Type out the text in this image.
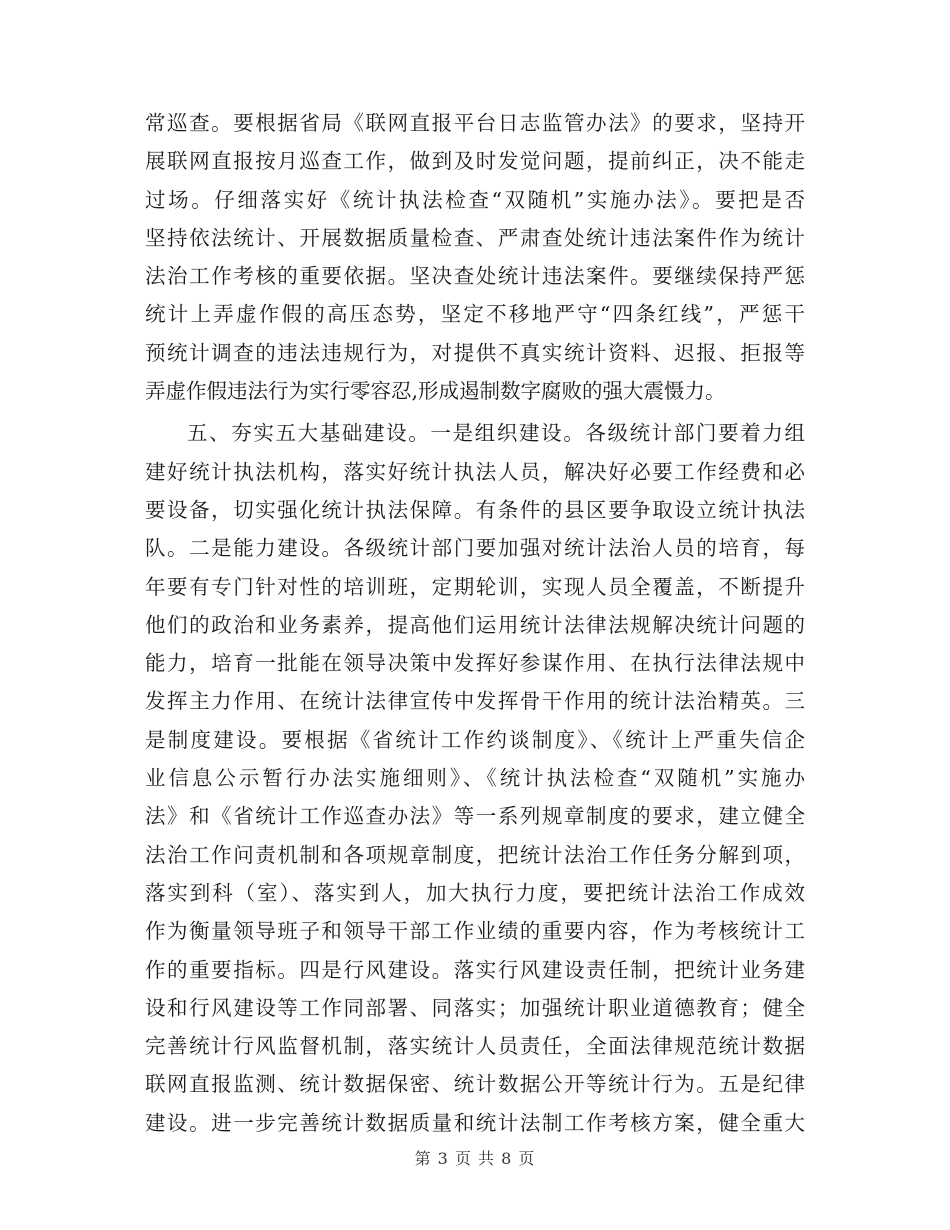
常巡查。要根据省局《联网直报平台日志监管办法》的要求，坚持开
展联网直报按月巡查工作，做到及时发觉问题，提前纠正，决不能走
过场。仔细落实好《统计执法检查“双随机”实施办法》。要把是否
坚持依法统计、开展数据质量检查、严肃查处统计违法案件作为统计
法治工作考核的重要依据。坚决查处统计违法案件。要继续保持严惩
统计上弄虚作假的高压态势，坚定不移地严守“四条红线”，严惩干
预统计调查的违法违规行为，对提供不真实统计资料、迟报、拒报等
弄虚作假违法行为实行零容忍,形成遏制数字腐败的强大震慑力。
五、夯实五大基础建设。一是组织建设。各级统计部门要着力组
建好统计执法机构，落实好统计执法人员，解决好必要工作经费和必
要设备，切实强化统计执法保障。有条件的县区要争取设立统计执法
队。二是能力建设。各级统计部门要加强对统计法治人员的培育，每
年要有专门针对性的培训班，定期轮训，实现人员全覆盖，不断提升
他们的政治和业务素养，提高他们运用统计法律法规解决统计问题的
能力，培育一批能在领导决策中发挥好参谋作用、在执行法律法规中
发挥主力作用、在统计法律宣传中发挥骨干作用的统计法治精英。三
是制度建设。要根据《省统计工作约谈制度》、《统计上严重失信企
业信息公示暂行办法实施细则》、《统计执法检查“双随机”实施办
法》和《省统计工作巡查办法》等一系列规章制度的要求，建立健全
法治工作问责机制和各项规章制度，把统计法治工作任务分解到项，
落实到科（室）、落实到人，加大执行力度，要把统计法治工作成效
作为衡量领导班子和领导干部工作业绩的重要内容，作为考核统计工
作的重要指标。四是行风建设。落实行风建设责任制，把统计业务建
设和行风建设等工作同部署、同落实；加强统计职业道德教育；健全
完善统计行风监督机制，落实统计人员责任，全面法律规范统计数据
联网直报监测、统计数据保密、统计数据公开等统计行为。五是纪律
建设。进一步完善统计数据质量和统计法制工作考核方案，健全重大
第 3 页 共 8 页
